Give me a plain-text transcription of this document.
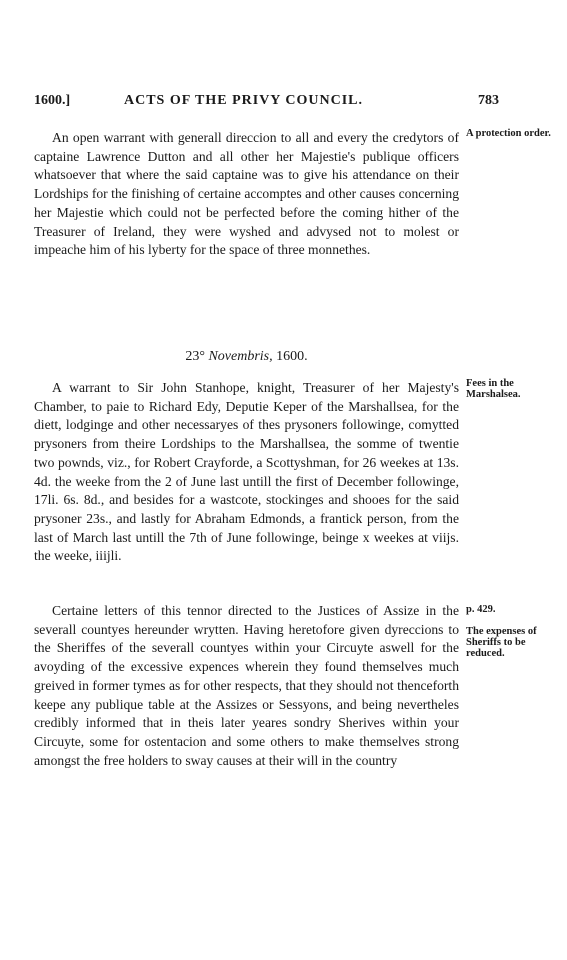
1600.]	ACTS OF THE PRIVY COUNCIL.	783

An open warrant with generall direccion to all and every the credytors of captaine Lawrence Dutton and all other her Majestie's publique officers whatsoever that where the said captaine was to give his attendance on their Lordships for the finishing of certaine accomptes and other causes concerning her Majestie which could not be perfected before the coming hither of the Treasurer of Ireland, they were wyshed and advysed not to molest or impeache him of his lyberty for the space of three monnethes.

23° Novembris, 1600.

A warrant to Sir John Stanhope, knight, Treasurer of her Majesty's Chamber, to paie to Richard Edy, Deputie Keper of the Marshallsea, for the diett, lodginge and other necessaryes of thes prysoners followinge, comytted prysoners from theire Lordships to the Marshallsea, the somme of twentie two pownds, viz., for Robert Crayforde, a Scottyshman, for 26 weekes at 13s. 4d. the weeke from the 2 of June last untill the first of December followinge, 17li. 6s. 8d., and besides for a wastcote, stockinges and shooes for the said prysoner 23s., and lastly for Abraham Edmonds, a frantick person, from the last of March last untill the 7th of June followinge, beinge x weekes at viijs. the weeke, iiijli.

Certaine letters of this tennor directed to the Justices of Assize in the severall countyes hereunder wrytten. Having heretofore given dyreccions to the Sheriffes of the severall countyes within your Circuyte aswell for the avoyding of the excessive expences wherein they found themselves much greived in former tymes as for other respects, that they should not thenceforth keepe any publique table at the Assizes or Sessyons, and being nevertheles credibly informed that in theis later yeares sondry Sherives within your Circuyte, some for ostentacion and some others to make themselves strong amongst the free holders to sway causes at their will in the country

A protection order.
Fees in the Marshalsea.
p. 429.
The expenses of Sheriffs to be reduced.
